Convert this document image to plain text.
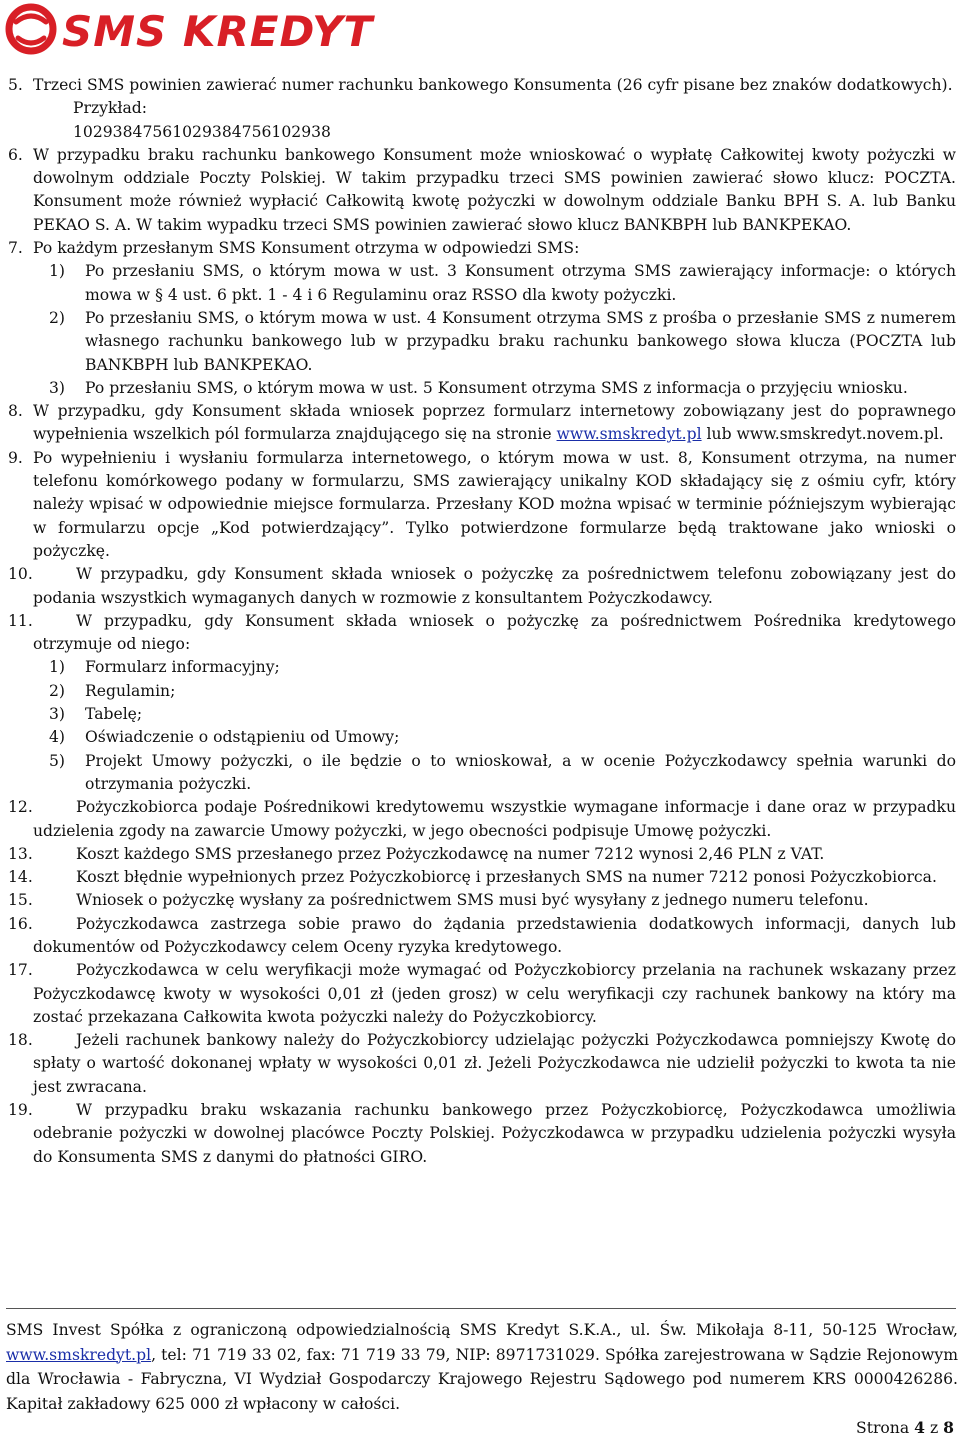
SMS KREDYT
5. Trzeci SMS powinien zawierać numer rachunku bankowego Konsumenta (26 cyfr pisane bez znaków dodatkowych).
Przykład:
10293847561029384756102938
6. W przypadku braku rachunku bankowego Konsument może wnioskować o wypłatę Całkowitej kwoty pożyczki w dowolnym oddziale Poczty Polskiej. W takim przypadku trzeci SMS powinien zawierać słowo klucz: POCZTA. Konsument może również wypłacić Całkowitą kwotę pożyczki w dowolnym oddziale Banku BPH S. A. lub Banku PEKAO S. A. W takim wypadku trzeci SMS powinien zawierać słowo klucz BANKBPH lub BANKPEKAO.
7. Po każdym przesłanym SMS Konsument otrzyma w odpowiedzi SMS:
1)	Po przesłaniu SMS, o którym mowa w ust. 3 Konsument otrzyma SMS zawierający informacje: o których mowa w § 4 ust. 6 pkt. 1 - 4 i 6 Regulaminu oraz RSSO dla kwoty pożyczki.
2)	Po przesłaniu SMS, o którym mowa w ust. 4 Konsument otrzyma SMS z prośba o przesłanie SMS z numerem własnego rachunku bankowego lub w przypadku braku rachunku bankowego słowa klucza (POCZTA lub BANKBPH lub BANKPEKAO.
3)	Po przesłaniu SMS, o którym mowa w ust. 5 Konsument otrzyma SMS z informacja o przyjęciu wniosku.
8. W przypadku, gdy Konsument składa wniosek poprzez formularz internetowy zobowiązany jest do poprawnego wypełnienia wszelkich pól formularza znajdującego się na stronie www.smskredyt.pl lub www.smskredyt.novem.pl.
9. Po wypełnieniu i wysłaniu formularza internetowego, o którym mowa w ust. 8, Konsument otrzyma, na numer telefonu komórkowego podany w formularzu, SMS zawierający unikalny KOD składający się z ośmiu cyfr, który należy wpisać w odpowiednie miejsce formularza. Przesłany KOD można wpisać w terminie późniejszym wybierając w formularzu opcje „Kod potwierdzający”. Tylko potwierdzone formularze będą traktowane jako wnioski o pożyczkę.
10.	W przypadku, gdy Konsument składa wniosek o pożyczkę za pośrednictwem telefonu zobowiązany jest do podania wszystkich wymaganych danych w rozmowie z konsultantem Pożyczkodawcy.
11.	W przypadku, gdy Konsument składa wniosek o pożyczkę za pośrednictwem Pośrednika kredytowego otrzymuje od niego:
1)	Formularz informacyjny;
2)	Regulamin;
3)	Tabelę;
4)	Oświadczenie o odstąpieniu od Umowy;
5)	Projekt Umowy pożyczki, o ile będzie o to wnioskował, a w ocenie Pożyczkodawcy spełnia warunki do otrzymania pożyczki.
12.	Pożyczkobiorca podaje Pośrednikowi kredytowemu wszystkie wymagane informacje i dane oraz w przypadku udzielenia zgody na zawarcie Umowy pożyczki, w jego obecności podpisuje Umowę pożyczki.
13.	Koszt każdego SMS przesłanego przez Pożyczkodawcę na numer 7212 wynosi 2,46 PLN z VAT.
14.	Koszt błędnie wypełnionych przez Pożyczkobiorcę i przesłanych SMS na numer 7212 ponosi Pożyczkobiorca.
15.	Wniosek o pożyczkę wysłany za pośrednictwem SMS musi być wysyłany z jednego numeru telefonu.
16.	Pożyczkodawca zastrzega sobie prawo do żądania przedstawienia dodatkowych informacji, danych lub dokumentów od Pożyczkodawcy celem Oceny ryzyka kredytowego.
17.	Pożyczkodawca w celu weryfikacji może wymagać od Pożyczkobiorcy przelania na rachunek wskazany przez Pożyczkodawcę kwoty w wysokości 0,01 zł (jeden grosz) w celu weryfikacji czy rachunek bankowy na który ma zostać przekazana Całkowita kwota pożyczki należy do Pożyczkobiorcy.
18.	Jeżeli rachunek bankowy należy do Pożyczkobiorcy udzielając pożyczki Pożyczkodawca pomniejszy Kwotę do spłaty o wartość dokonanej wpłaty w wysokości 0,01 zł. Jeżeli Pożyczkodawca nie udzielił pożyczki to kwota ta nie jest zwracana.
19.	W przypadku braku wskazania rachunku bankowego przez Pożyczkobiorcę, Pożyczkodawca umożliwia odebranie pożyczki w dowolnej placówce Poczty Polskiej. Pożyczkodawca w przypadku udzielenia pożyczki wysyła do Konsumenta SMS z danymi do płatności GIRO.
SMS Invest Spółka z ograniczoną odpowiedzialnością SMS Kredyt S.K.A., ul. Św. Mikołaja 8-11, 50-125 Wrocław, www.smskredyt.pl, tel: 71 719 33 02, fax: 71 719 33 79, NIP: 8971731029. Spółka zarejestrowana w Sądzie Rejonowym dla Wrocławia - Fabryczna, VI Wydział Gospodarczy Krajowego Rejestru Sądowego pod numerem KRS 0000426286. Kapitał zakładowy 625 000 zł wpłacony w całości.
Strona 4 z 8
